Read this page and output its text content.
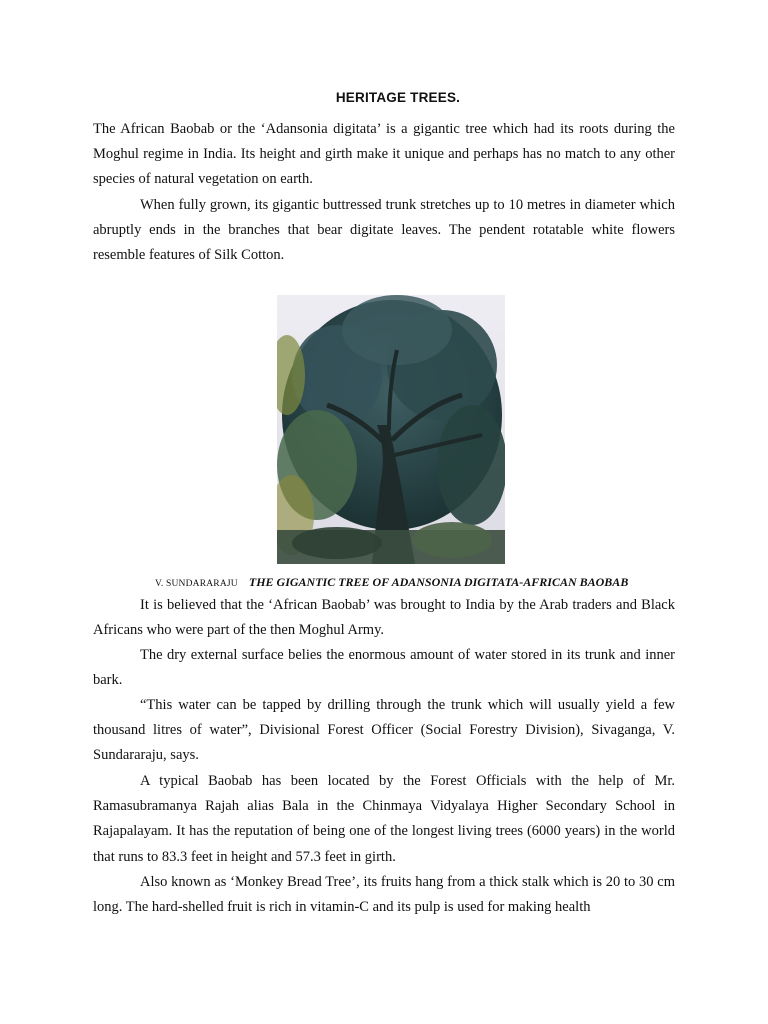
HERITAGE TREES.

The African Baobab or the ‘Adansonia digitata’ is a gigantic tree which had its roots during the Moghul regime in India. Its height and girth make it unique and perhaps has no match to any other species of natural vegetation on earth.

When fully grown, its gigantic buttressed trunk stretches up to 10 metres in diameter which abruptly ends in the branches that bear digitate leaves. The pendent rotatable white flowers resemble features of Silk Cotton.

V. SUNDARARAJU THE GIGANTIC TREE OF ADANSONIA DIGITATA-AFRICAN BAOBAB

It is believed that the ‘African Baobab’ was brought to India by the Arab traders and Black Africans who were part of the then Moghul Army.

The dry external surface belies the enormous amount of water stored in its trunk and inner bark.

“This water can be tapped by drilling through the trunk which will usually yield a few thousand litres of water”, Divisional Forest Officer (Social Forestry Division), Sivaganga, V. Sundararaju, says.

A typical Baobab has been located by the Forest Officials with the help of Mr. Ramasubramanya Rajah alias Bala in the Chinmaya Vidyalaya Higher Secondary School in Rajapalayam. It has the reputation of being one of the longest living trees (6000 years) in the world that runs to 83.3 feet in height and 57.3 feet in girth.

Also known as ‘Monkey Bread Tree’, its fruits hang from a thick stalk which is 20 to 30 cm long. The hard-shelled fruit is rich in vitamin-C and its pulp is used for making health
